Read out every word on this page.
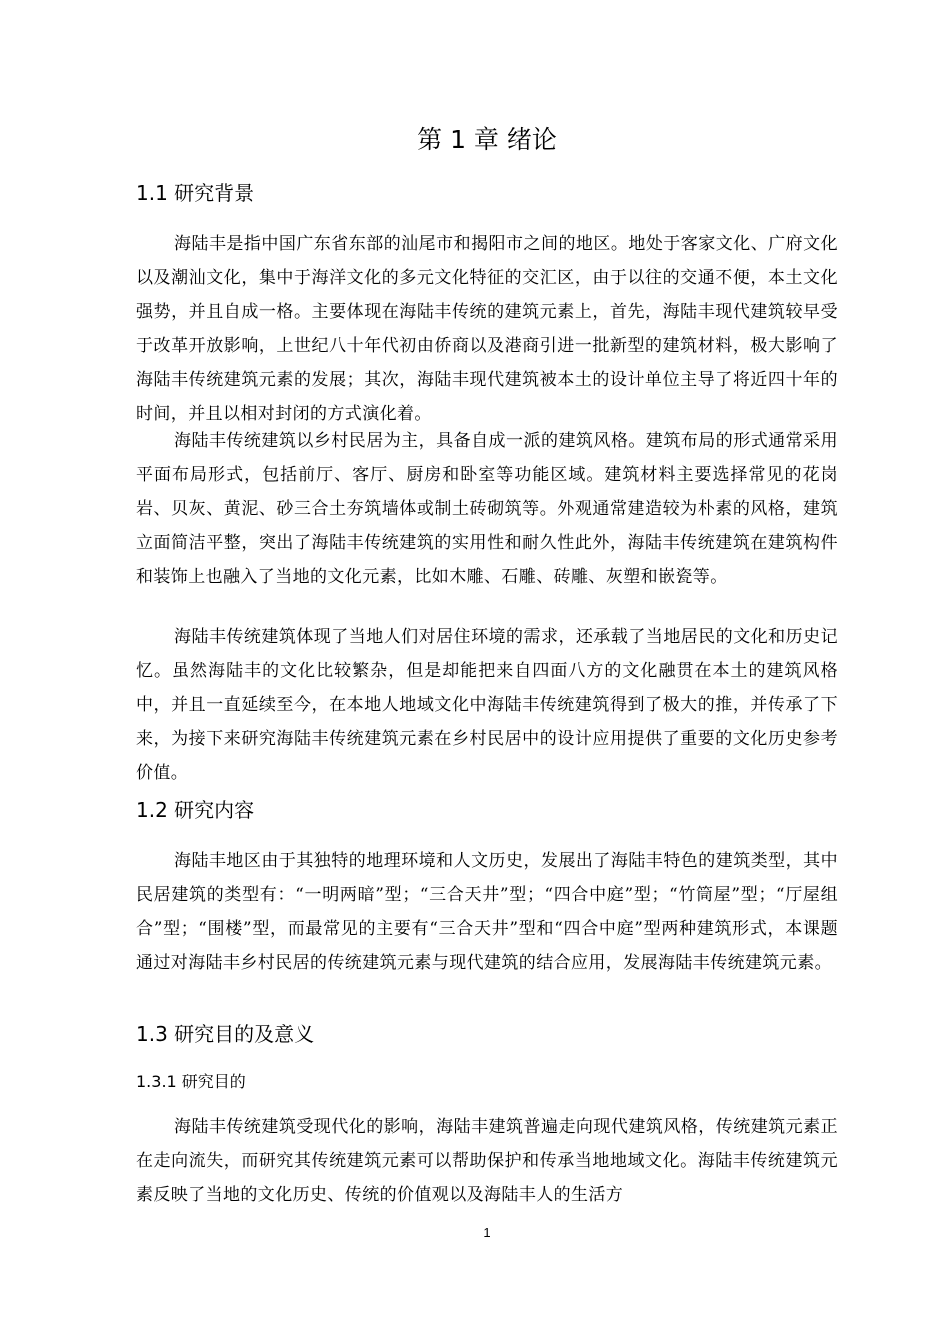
第 1 章 绪论
1.1 研究背景

海陆丰是指中国广东省东部的汕尾市和揭阳市之间的地区。地处于客家文化、广府文化以及潮汕文化，集中于海洋文化的多元文化特征的交汇区，由于以往的交通不便，本土文化强势，并且自成一格。主要体现在海陆丰传统的建筑元素上，首先，海陆丰现代建筑较早受于改革开放影响，上世纪八十年代初由侨商以及港商引进一批新型的建筑材料，极大影响了海陆丰传统建筑元素的发展；其次，海陆丰现代建筑被本土的设计单位主导了将近四十年的时间，并且以相对封闭的方式演化着。

海陆丰传统建筑以乡村民居为主，具备自成一派的建筑风格。建筑布局的形式通常采用平面布局形式，包括前厅、客厅、厨房和卧室等功能区域。建筑材料主要选择常见的花岗岩、贝灰、黄泥、砂三合土夯筑墙体或制土砖砌筑等。外观通常建造较为朴素的风格，建筑立面简洁平整，突出了海陆丰传统建筑的实用性和耐久性此外，海陆丰传统建筑在建筑构件和装饰上也融入了当地的文化元素，比如木雕、石雕、砖雕、灰塑和嵌瓷等。

海陆丰传统建筑体现了当地人们对居住环境的需求，还承载了当地居民的文化和历史记忆。虽然海陆丰的文化比较繁杂，但是却能把来自四面八方的文化融贯在本土的建筑风格中，并且一直延续至今，在本地人地域文化中海陆丰传统建筑得到了极大的推，并传承了下来，为接下来研究海陆丰传统建筑元素在乡村民居中的设计应用提供了重要的文化历史参考价值。

1.2 研究内容

海陆丰地区由于其独特的地理环境和人文历史，发展出了海陆丰特色的建筑类型，其中民居建筑的类型有：“一明两暗”型；“三合天井”型；“四合中庭”型；“竹筒屋”型；“厅屋组合”型；“围楼”型，而最常见的主要有“三合天井”型和“四合中庭”型两种建筑形式，本课题通过对海陆丰乡村民居的传统建筑元素与现代建筑的结合应用，发展海陆丰传统建筑元素。

1.3 研究目的及意义
1.3.1 研究目的

海陆丰传统建筑受现代化的影响，海陆丰建筑普遍走向现代建筑风格，传统建筑元素正在走向流失，而研究其传统建筑元素可以帮助保护和传承当地地域文化。海陆丰传统建筑元素反映了当地的文化历史、传统的价值观以及海陆丰人的生活方

1
